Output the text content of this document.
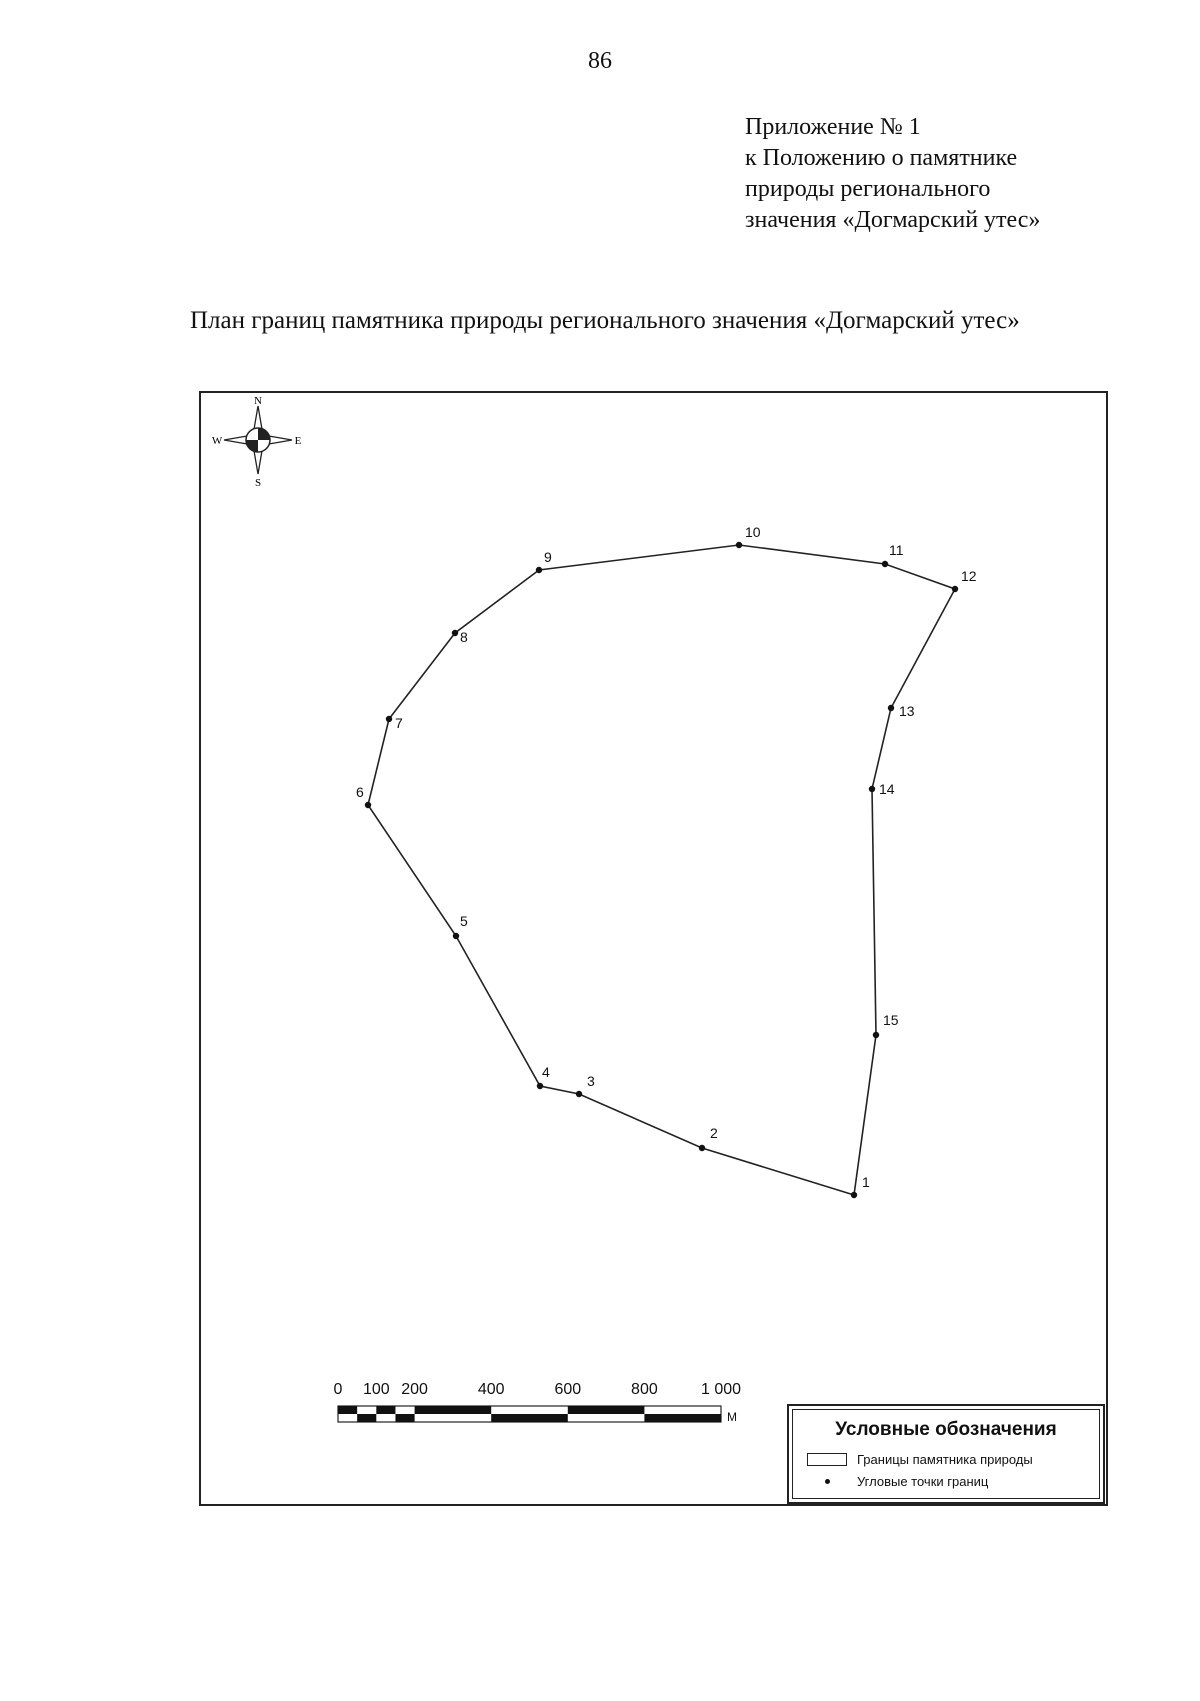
86
Приложение № 1
к Положению о памятнике
природы регионального
значения «Догмарский утес»
План границ памятника природы регионального значения «Догмарский утес»
N
S
E
W
1
2
3
4
5
6
7
8
9
10
11
12
13
14
15
0 100 200	400	600	800	1 000
М
Условные обозначения
Границы памятника природы
Угловые точки границ
